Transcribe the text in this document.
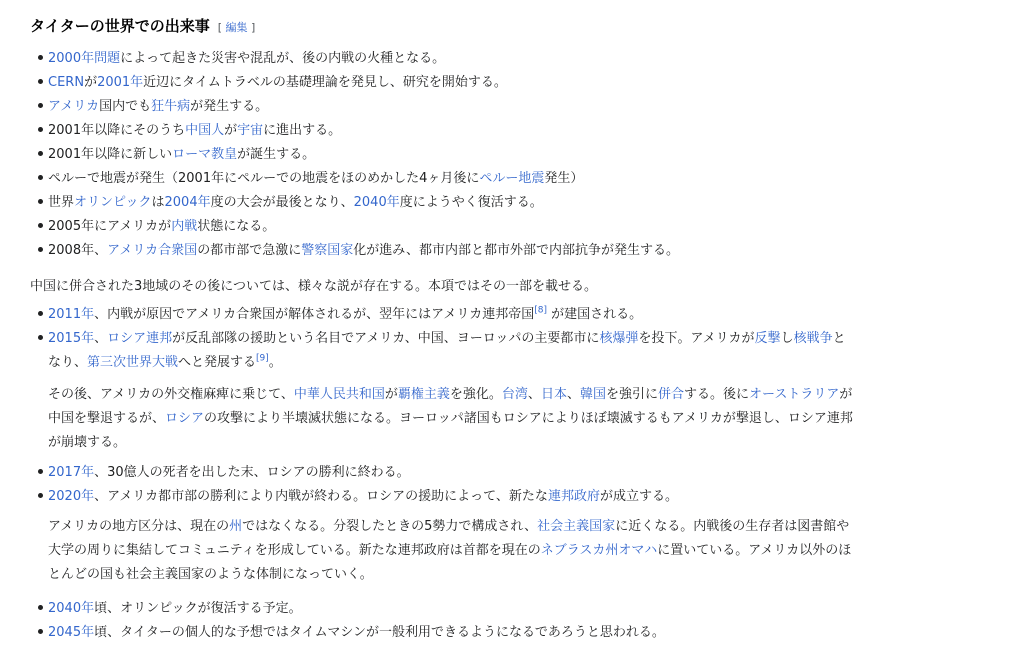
タイターの世界での出来事 [ 編集 ]
2000年問題によって起きた災害や混乱が、後の内戦の火種となる。
CERNが2001年近辺にタイムトラベルの基礎理論を発見し、研究を開始する。
アメリカ国内でも狂牛病が発生する。
2001年以降にそのうち中国人が宇宙に進出する。
2001年以降に新しいローマ教皇が誕生する。
ペルーで地震が発生（2001年にペルーでの地震をほのめかした4ヶ月後にペルー地震発生）
世界オリンピックは2004年度の大会が最後となり、2040年度にようやく復活する。
2005年にアメリカが内戦状態になる。
2008年、アメリカ合衆国の都市部で急激に警察国家化が進み、都市内部と都市外部で内部抗争が発生する。
中国に併合された3地域のその後については、様々な説が存在する。本項ではその一部を載せる。
2011年、内戦が原因でアメリカ合衆国が解体されるが、翌年にはアメリカ連邦帝国[8] が建国される。
2015年、ロシア連邦が反乱部隊の援助という名目でアメリカ、中国、ヨーロッパの主要都市に核爆弾を投下。アメリカが反撃し核戦争と
なり、第三次世界大戦へと発展する[9]。
その後、アメリカの外交権麻痺に乗じて、中華人民共和国が覇権主義を強化。台湾、日本、韓国を強引に併合する。後にオーストラリアが
中国を撃退するが、ロシアの攻撃により半壊滅状態になる。ヨーロッパ諸国もロシアによりほぼ壊滅するもアメリカが撃退し、ロシア連邦
が崩壊する。
2017年、30億人の死者を出した末、ロシアの勝利に終わる。
2020年、アメリカ都市部の勝利により内戦が終わる。ロシアの援助によって、新たな連邦政府が成立する。
アメリカの地方区分は、現在の州ではなくなる。分裂したときの5勢力で構成され、社会主義国家に近くなる。内戦後の生存者は図書館や
大学の周りに集結してコミュニティを形成している。新たな連邦政府は首都を現在のネブラスカ州オマハに置いている。アメリカ以外のほ
とんどの国も社会主義国家のような体制になっていく。
2040年頃、オリンピックが復活する予定。
2045年頃、タイターの個人的な予想ではタイムマシンが一般利用できるようになるであろうと思われる。
